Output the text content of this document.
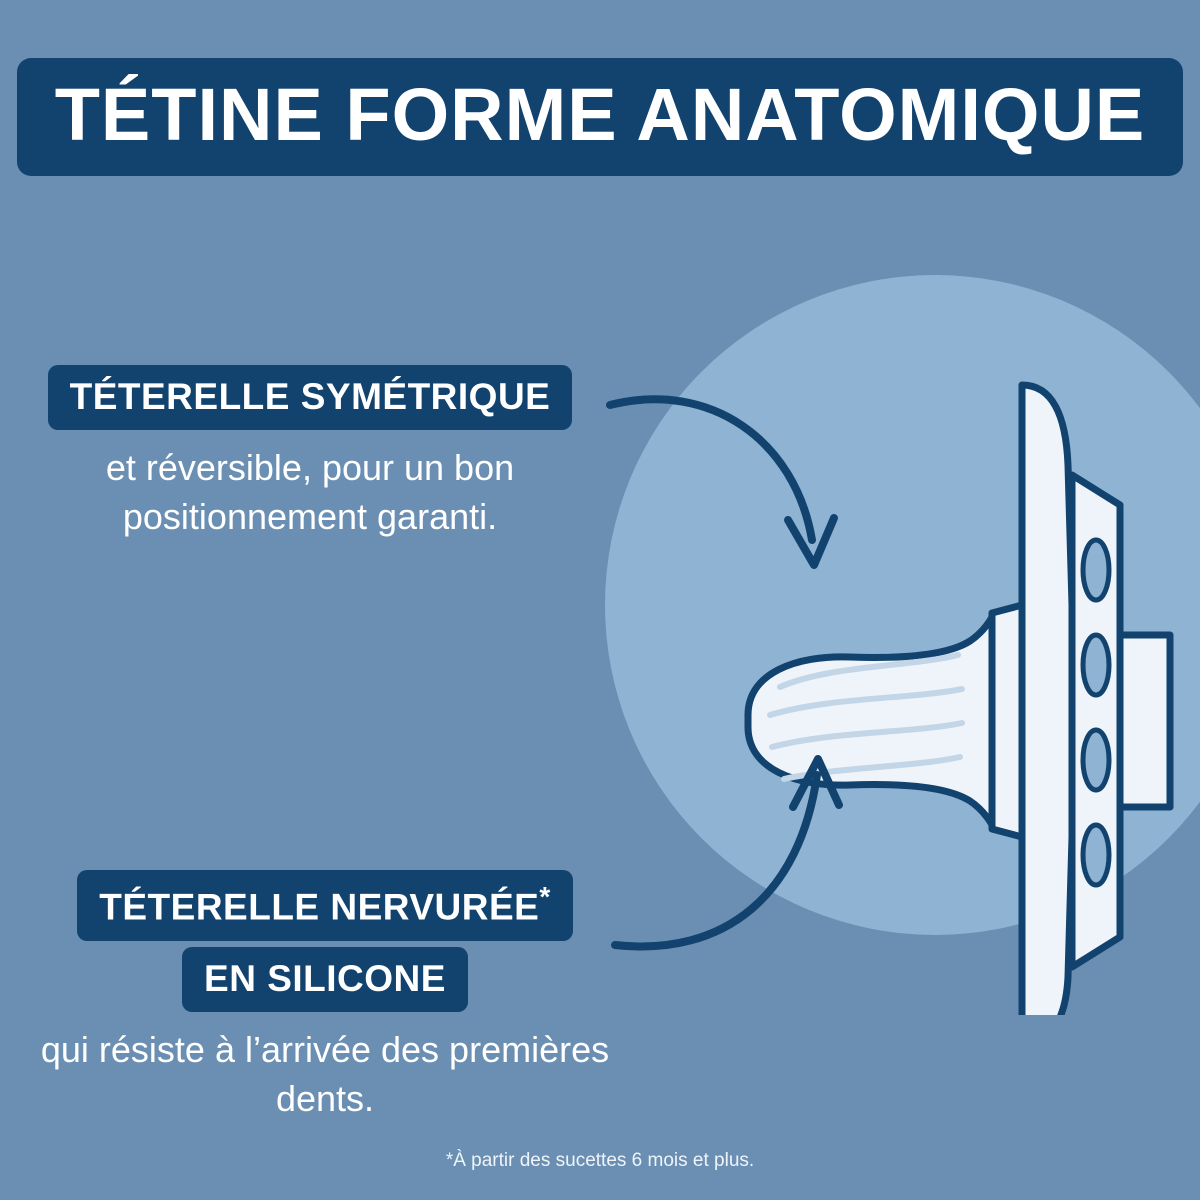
TÉTINE FORME ANATOMIQUE
TÉTERELLE SYMÉTRIQUE
et réversible, pour un bon positionnement garanti.
TÉTERELLE NERVURÉE*
EN SILICONE
qui résiste à l’arrivée des premières dents.
*À partir des sucettes 6 mois et plus.
